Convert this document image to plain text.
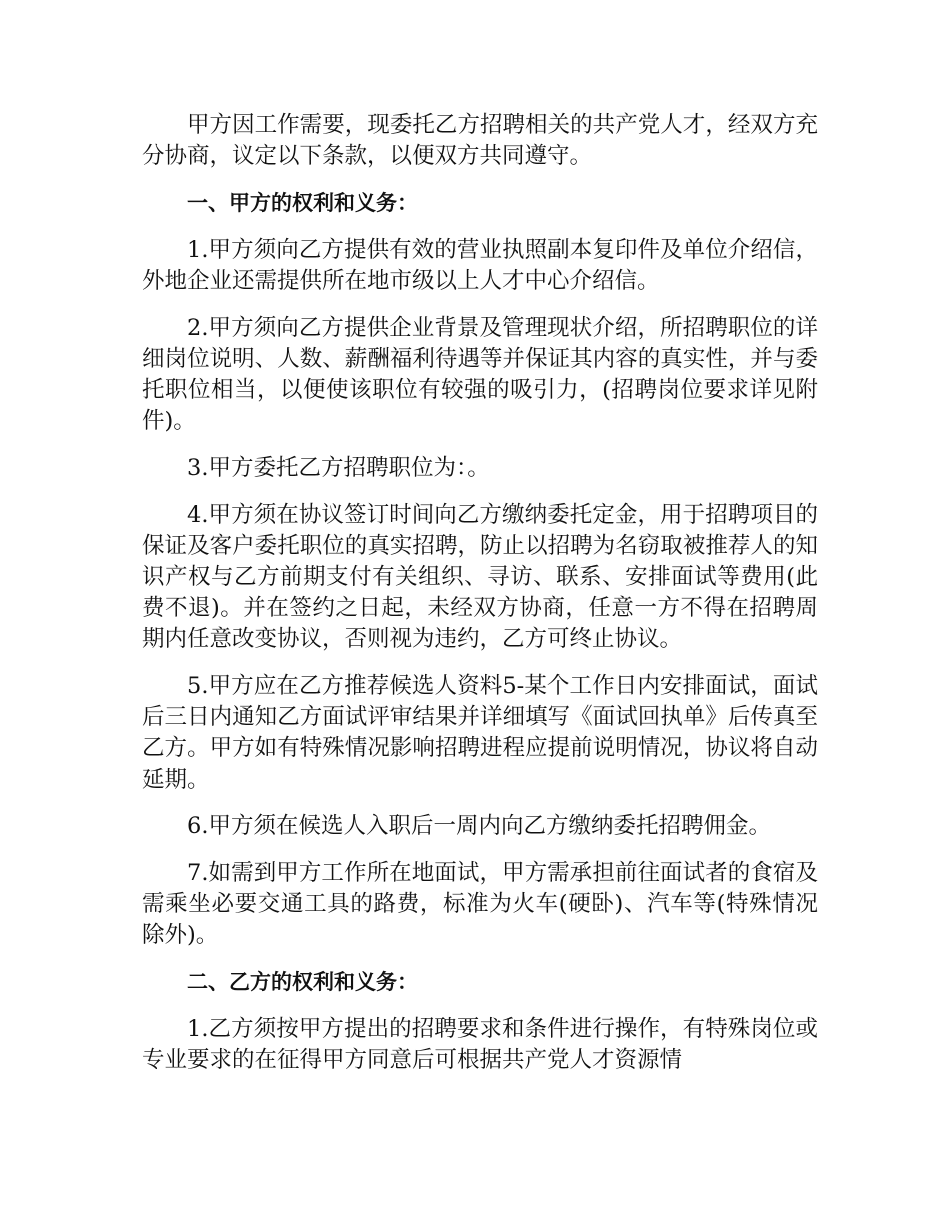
甲方因工作需要，现委托乙方招聘相关的共产党人才，经双方充分协商，议定以下条款，以便双方共同遵守。

一、甲方的权利和义务：

1.甲方须向乙方提供有效的营业执照副本复印件及单位介绍信，外地企业还需提供所在地市级以上人才中心介绍信。

2.甲方须向乙方提供企业背景及管理现状介绍，所招聘职位的详细岗位说明、人数、薪酬福利待遇等并保证其内容的真实性，并与委托职位相当，以便使该职位有较强的吸引力，(招聘岗位要求详见附件)。

3.甲方委托乙方招聘职位为：。

4.甲方须在协议签订时间向乙方缴纳委托定金，用于招聘项目的保证及客户委托职位的真实招聘，防止以招聘为名窃取被推荐人的知识产权与乙方前期支付有关组织、寻访、联系、安排面试等费用(此费不退)。并在签约之日起，未经双方协商，任意一方不得在招聘周期内任意改变协议，否则视为违约，乙方可终止协议。

5.甲方应在乙方推荐候选人资料5-某个工作日内安排面试，面试后三日内通知乙方面试评审结果并详细填写《面试回执单》后传真至乙方。甲方如有特殊情况影响招聘进程应提前说明情况，协议将自动延期。

6.甲方须在候选人入职后一周内向乙方缴纳委托招聘佣金。

7.如需到甲方工作所在地面试，甲方需承担前往面试者的食宿及需乘坐必要交通工具的路费，标准为火车(硬卧)、汽车等(特殊情况除外)。

二、乙方的权利和义务：

1.乙方须按甲方提出的招聘要求和条件进行操作，有特殊岗位或专业要求的在征得甲方同意后可根据共产党人才资源情
